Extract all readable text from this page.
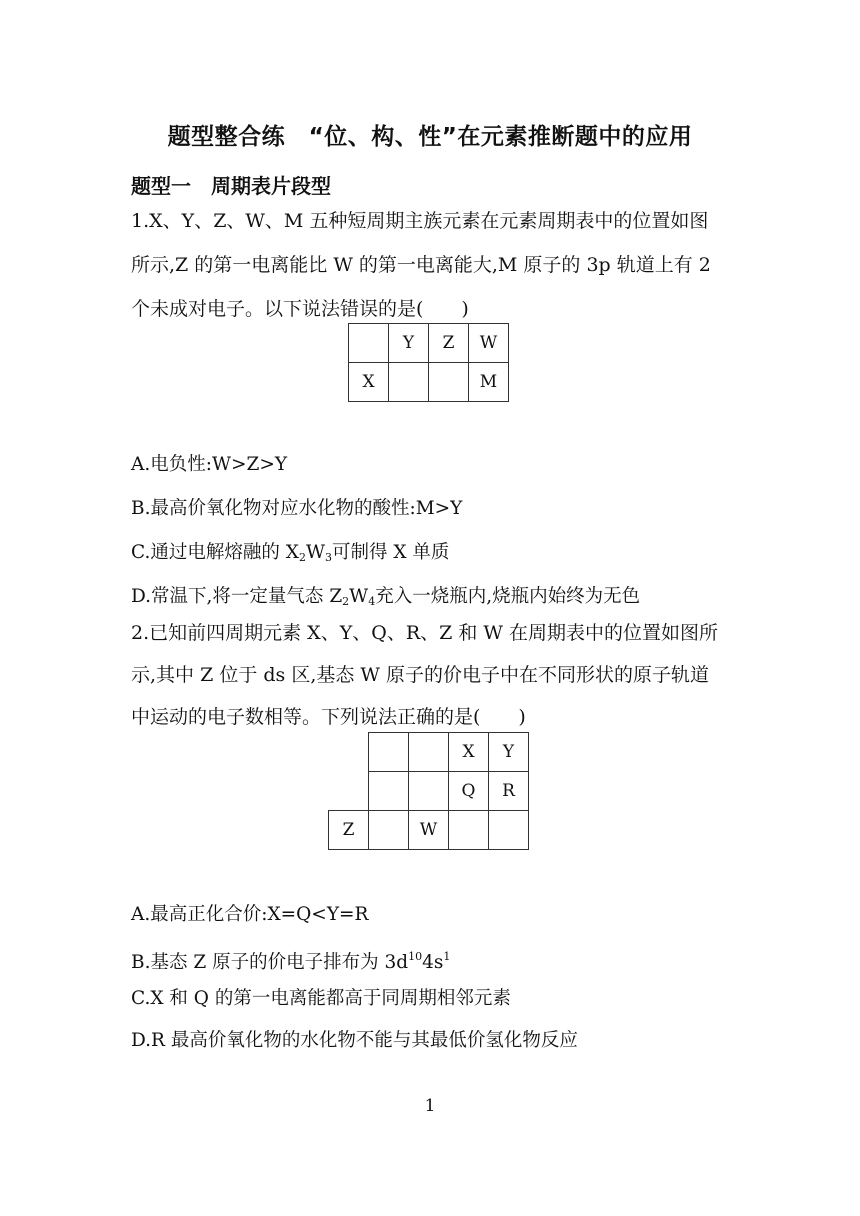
题型整合练　“位、构、性”在元素推断题中的应用
题型一　周期表片段型
1.X、Y、Z、W、M 五种短周期主族元素在元素周期表中的位置如图
所示,Z 的第一电离能比 W 的第一电离能大,M 原子的 3p 轨道上有 2
个未成对电子。以下说法错误的是(　　)
	Y	Z	W
X			M
A.电负性:W>Z>Y
B.最高价氧化物对应水化物的酸性:M>Y
C.通过电解熔融的 $X_2W_3$可制得 X 单质
D.常温下,将一定量气态 $Z_2W_4$充入一烧瓶内,烧瓶内始终为无色
2.已知前四周期元素 X、Y、Q、R、Z 和 W 在周期表中的位置如图所
示,其中 Z 位于 ds 区,基态 W 原子的价电子中在不同形状的原子轨道
中运动的电子数相等。下列说法正确的是(　　)
			X	Y
			Q	R
Z		W		
A.最高正化合价:X=Q<Y=R
B.基态 Z 原子的价电子排布为 $3d^{10}4s^1$
C.X 和 Q 的第一电离能都高于同周期相邻元素
D.R 最高价氧化物的水化物不能与其最低价氢化物反应
1
